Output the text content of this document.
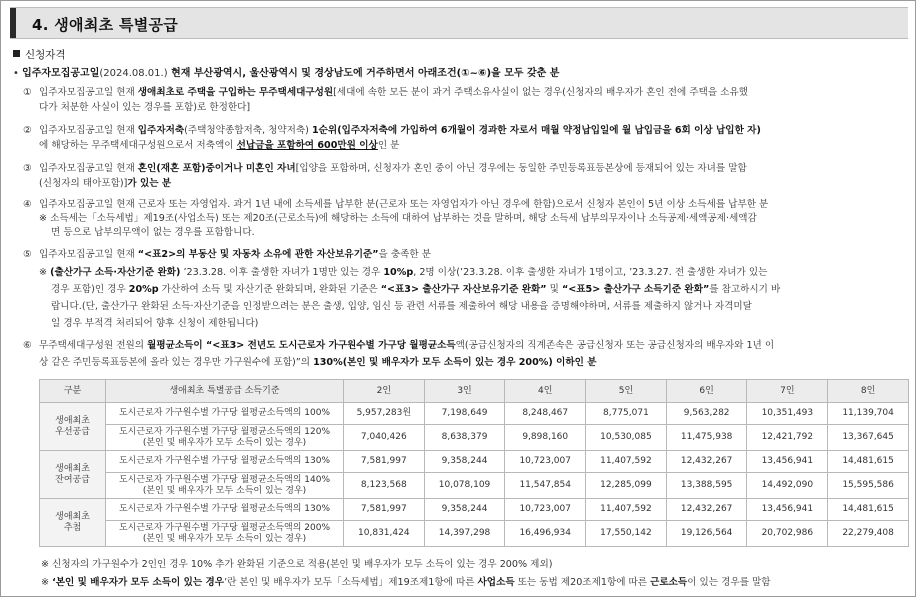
4. 생애최초 특별공급
신청자격
• 입주자모집공고일(2024.08.01.) 현재 부산광역시, 울산광역시 및 경상남도에 거주하면서 아래조건(①~⑥)을 모두 갖춘 분
① 입주자모집공고일 현재 생애최초로 주택을 구입하는 무주택세대구성원[세대에 속한 모든 분이 과거 주택소유사실이 없는 경우(신청자의 배우자가 혼인 전에 주택을 소유했
다가 처분한 사실이 있는 경우를 포함)로 한정한다]
② 입주자모집공고일 현재 입주자저축(주택청약종합저축, 청약저축) 1순위(입주자저축에 가입하여 6개월이 경과한 자로서 매월 약정납입일에 월 납입금을 6회 이상 납입한 자)
에 해당하는 무주택세대구성원으로서 저축액이 선납금을 포함하여 600만원 이상인 분
③ 입주자모집공고일 현재 혼인(재혼 포함)중이거나 미혼인 자녀[입양을 포함하며, 신청자가 혼인 중이 아닌 경우에는 동일한 주민등록표등본상에 등재되어 있는 자녀를 말함
(신청자의 태아포함)]가 있는 분
④ 입주자모집공고일 현재 근로자 또는 자영업자. 과거 1년 내에 소득세를 납부한 분(근로자 또는 자영업자가 아닌 경우에 한함)으로서 신청자 본인이 5년 이상 소득세를 납부한 분
※ 소득세는「소득세법」제19조(사업소득) 또는 제20조(근로소득)에 해당하는 소득에 대하여 납부하는 것을 말하며, 해당 소득세 납부의무자이나 소득공제·세액공제·세액감
면 등으로 납부의무액이 없는 경우를 포함합니다.
⑤ 입주자모집공고일 현재 “<표2>의 부동산 및 자동차 소유에 관한 자산보유기준”을 충족한 분
※ (출산가구 소득·자산기준 완화) ’23.3.28. 이후 출생한 자녀가 1명만 있는 경우 10%p, 2명 이상(’23.3.28. 이후 출생한 자녀가 1명이고, ’23.3.27. 전 출생한 자녀가 있는
경우 포함)인 경우 20%p 가산하여 소득 및 자산기준 완화되며, 완화된 기준은 “<표3> 출산가구 자산보유기준 완화” 및 “<표5> 출산가구 소득기준 완화”를 참고하시기 바
랍니다.(단, 출산가구 완화된 소득·자산기준을 인정받으려는 분은 출생, 입양, 임신 등 관련 서류를 제출하여 해당 내용을 증명해야하며, 서류를 제출하지 않거나 자격미달
일 경우 부적격 처리되어 향후 신청이 제한됩니다)
⑥ 무주택세대구성원 전원의 월평균소득이 “<표3> 전년도 도시근로자 가구원수별 가구당 월평균소득액(공급신청자의 직계존속은 공급신청자 또는 공급신청자의 배우자와 1년 이
상 같은 주민등록표등본에 올라 있는 경우만 가구원수에 포함)”의 130%(본인 및 배우자가 모두 소득이 있는 경우 200%) 이하인 분
구분	생애최초 특별공급 소득기준	2인	3인	4인	5인	6인	7인	8인

생애최초
우선공급	도시근로자 가구원수별 가구당 월평균소득액의 100%	5,957,283원	7,198,649	8,248,467	8,775,071	9,563,282	10,351,493	11,139,704

	도시근로자 가구원수별 가구당 월평균소득액의 120%
(본인 및 배우자가 모두 소득이 있는 경우)	7,040,426	8,638,379	9,898,160	10,530,085	11,475,938	12,421,792	13,367,645

생애최초
잔여공급	도시근로자 가구원수별 가구당 월평균소득액의 130%	7,581,997	9,358,244	10,723,007	11,407,592	12,432,267	13,456,941	14,481,615

	도시근로자 가구원수별 가구당 월평균소득액의 140%
(본인 및 배우자가 모두 소득이 있는 경우)	8,123,568	10,078,109	11,547,854	12,285,099	13,388,595	14,492,090	15,595,586

생애최초
추첨	도시근로자 가구원수별 가구당 월평균소득액의 130%	7,581,997	9,358,244	10,723,007	11,407,592	12,432,267	13,456,941	14,481,615

	도시근로자 가구원수별 가구당 월평균소득액의 200%
(본인 및 배우자가 모두 소득이 있는 경우)	10,831,424	14,397,298	16,496,934	17,550,142	19,126,564	20,702,986	22,279,408
※ 신청자의 가구원수가 2인인 경우 10% 추가 완화된 기준으로 적용(본인 및 배우자가 모두 소득이 있는 경우 200% 제외)
※ ‘본인 및 배우자가 모두 소득이 있는 경우’란 본인 및 배우자가 모두「소득세법」제19조제1항에 따른 사업소득 또는 동법 제20조제1항에 따른 근로소득이 있는 경우를 말함
